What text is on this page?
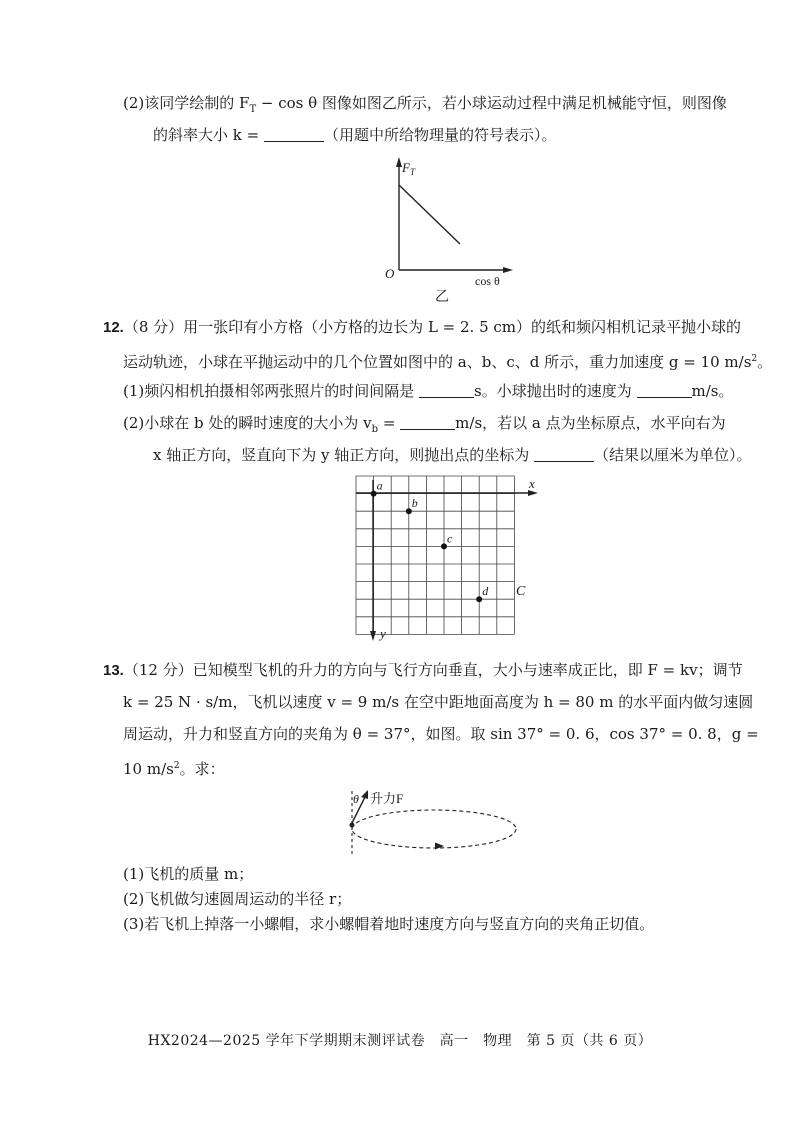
(2)该同学绘制的 $F_T - \cos \theta$ 图像如图乙所示，若小球运动过程中满足机械能守恒，则图像
的斜率大小 k =	（用题中所给物理量的符号表示）。
$F_T$
cos θ
O
乙
12.（8 分）用一张印有小方格（小方格的边长为 L = 2. 5 cm）的纸和频闪相机记录平抛小球的
运动轨迹，小球在平抛运动中的几个位置如图中的 a、b、c、d 所示，重力加速度 g = 10 $m/s^2$。
(1)频闪相机拍摄相邻两张照片的时间间隔是	s。小球抛出时的速度为	m/s。
(2)小球在 b 处的瞬时速度的大小为 $v_b$ =	m/s，若以 a 点为坐标原点，水平向右为
x 轴正方向，竖直向下为 y 轴正方向，则抛出点的坐标为	（结果以厘米为单位）。
x
y
C
a
b
c
d
13.（12 分）已知模型飞机的升力的方向与飞行方向垂直，大小与速率成正比，即 F = kv；调节
k = 25 N · s/m，飞机以速度 v = 9 m/s 在空中距地面高度为 h = 80 m 的水平面内做匀速圆
周运动，升力和竖直方向的夹角为 θ = 37°，如图。取 sin 37° = 0. 6，cos 37° = 0. 8，g =
10 $m/s^2$。求：
θ 升力F
(1)飞机的质量 m；
(2)飞机做匀速圆周运动的半径 r；
(3)若飞机上掉落一小螺帽，求小螺帽着地时速度方向与竖直方向的夹角正切值。
HX2024—2025 学年下学期期末测评试卷　高一　物理　第 5 页（共 6 页）
